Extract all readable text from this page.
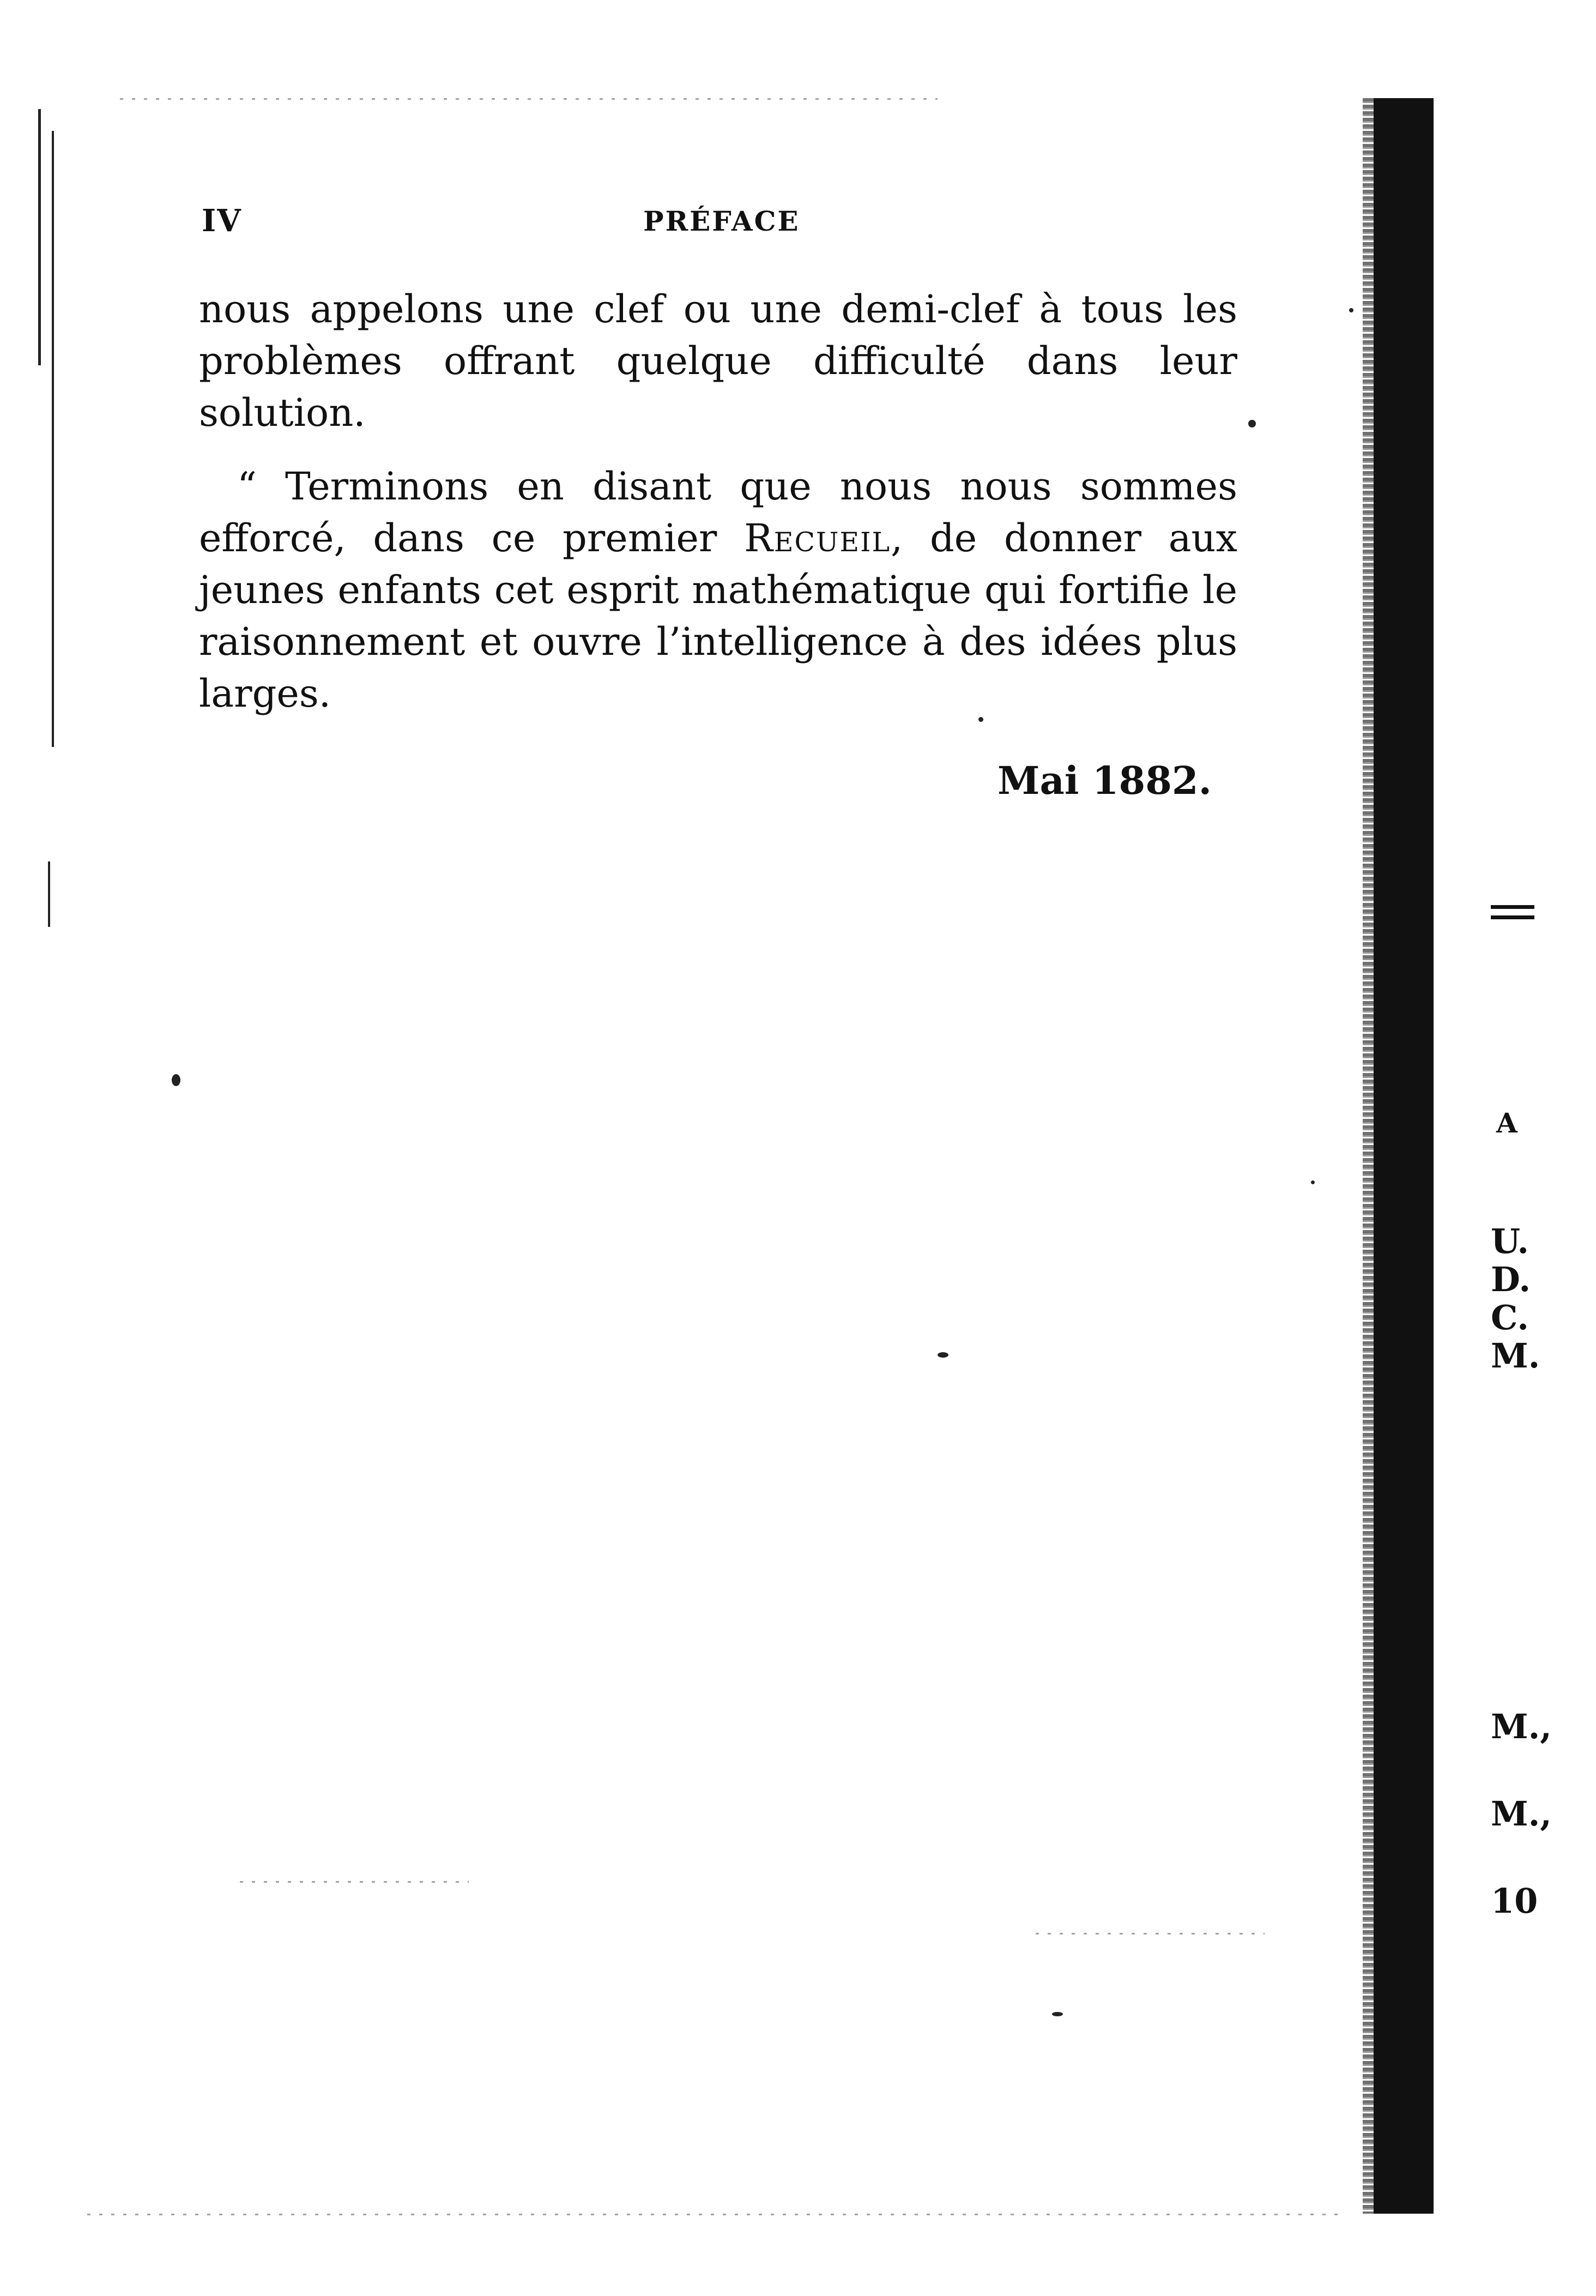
IV	PRÉFACE

nous appelons une clef ou une demi-clef à tous les problèmes offrant quelque difficulté dans leur solution.

“ Terminons en disant que nous nous sommes efforcé, dans ce premier Recueil, de donner aux jeunes enfants cet esprit mathématique qui fortifie le raisonnement et ouvre l’intelligence à des idées plus larges.

Mai 1882.
A
U.
D.
C.
M.
M.,
M.,
10
